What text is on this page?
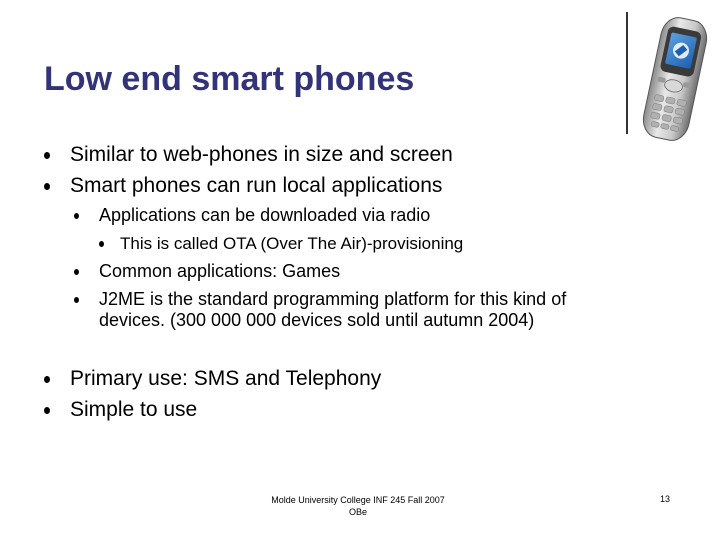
Low end smart phones
Similar to web-phones in size and screen
Smart phones can run local applications
Applications can be downloaded via radio
This is called OTA (Over The Air)-provisioning
Common applications: Games
J2ME is the standard programming platform for this kind of devices. (300 000 000 devices sold until autumn 2004)
Primary use: SMS and Telephony
Simple to use
Molde University College INF 245 Fall 2007
OBe
13
